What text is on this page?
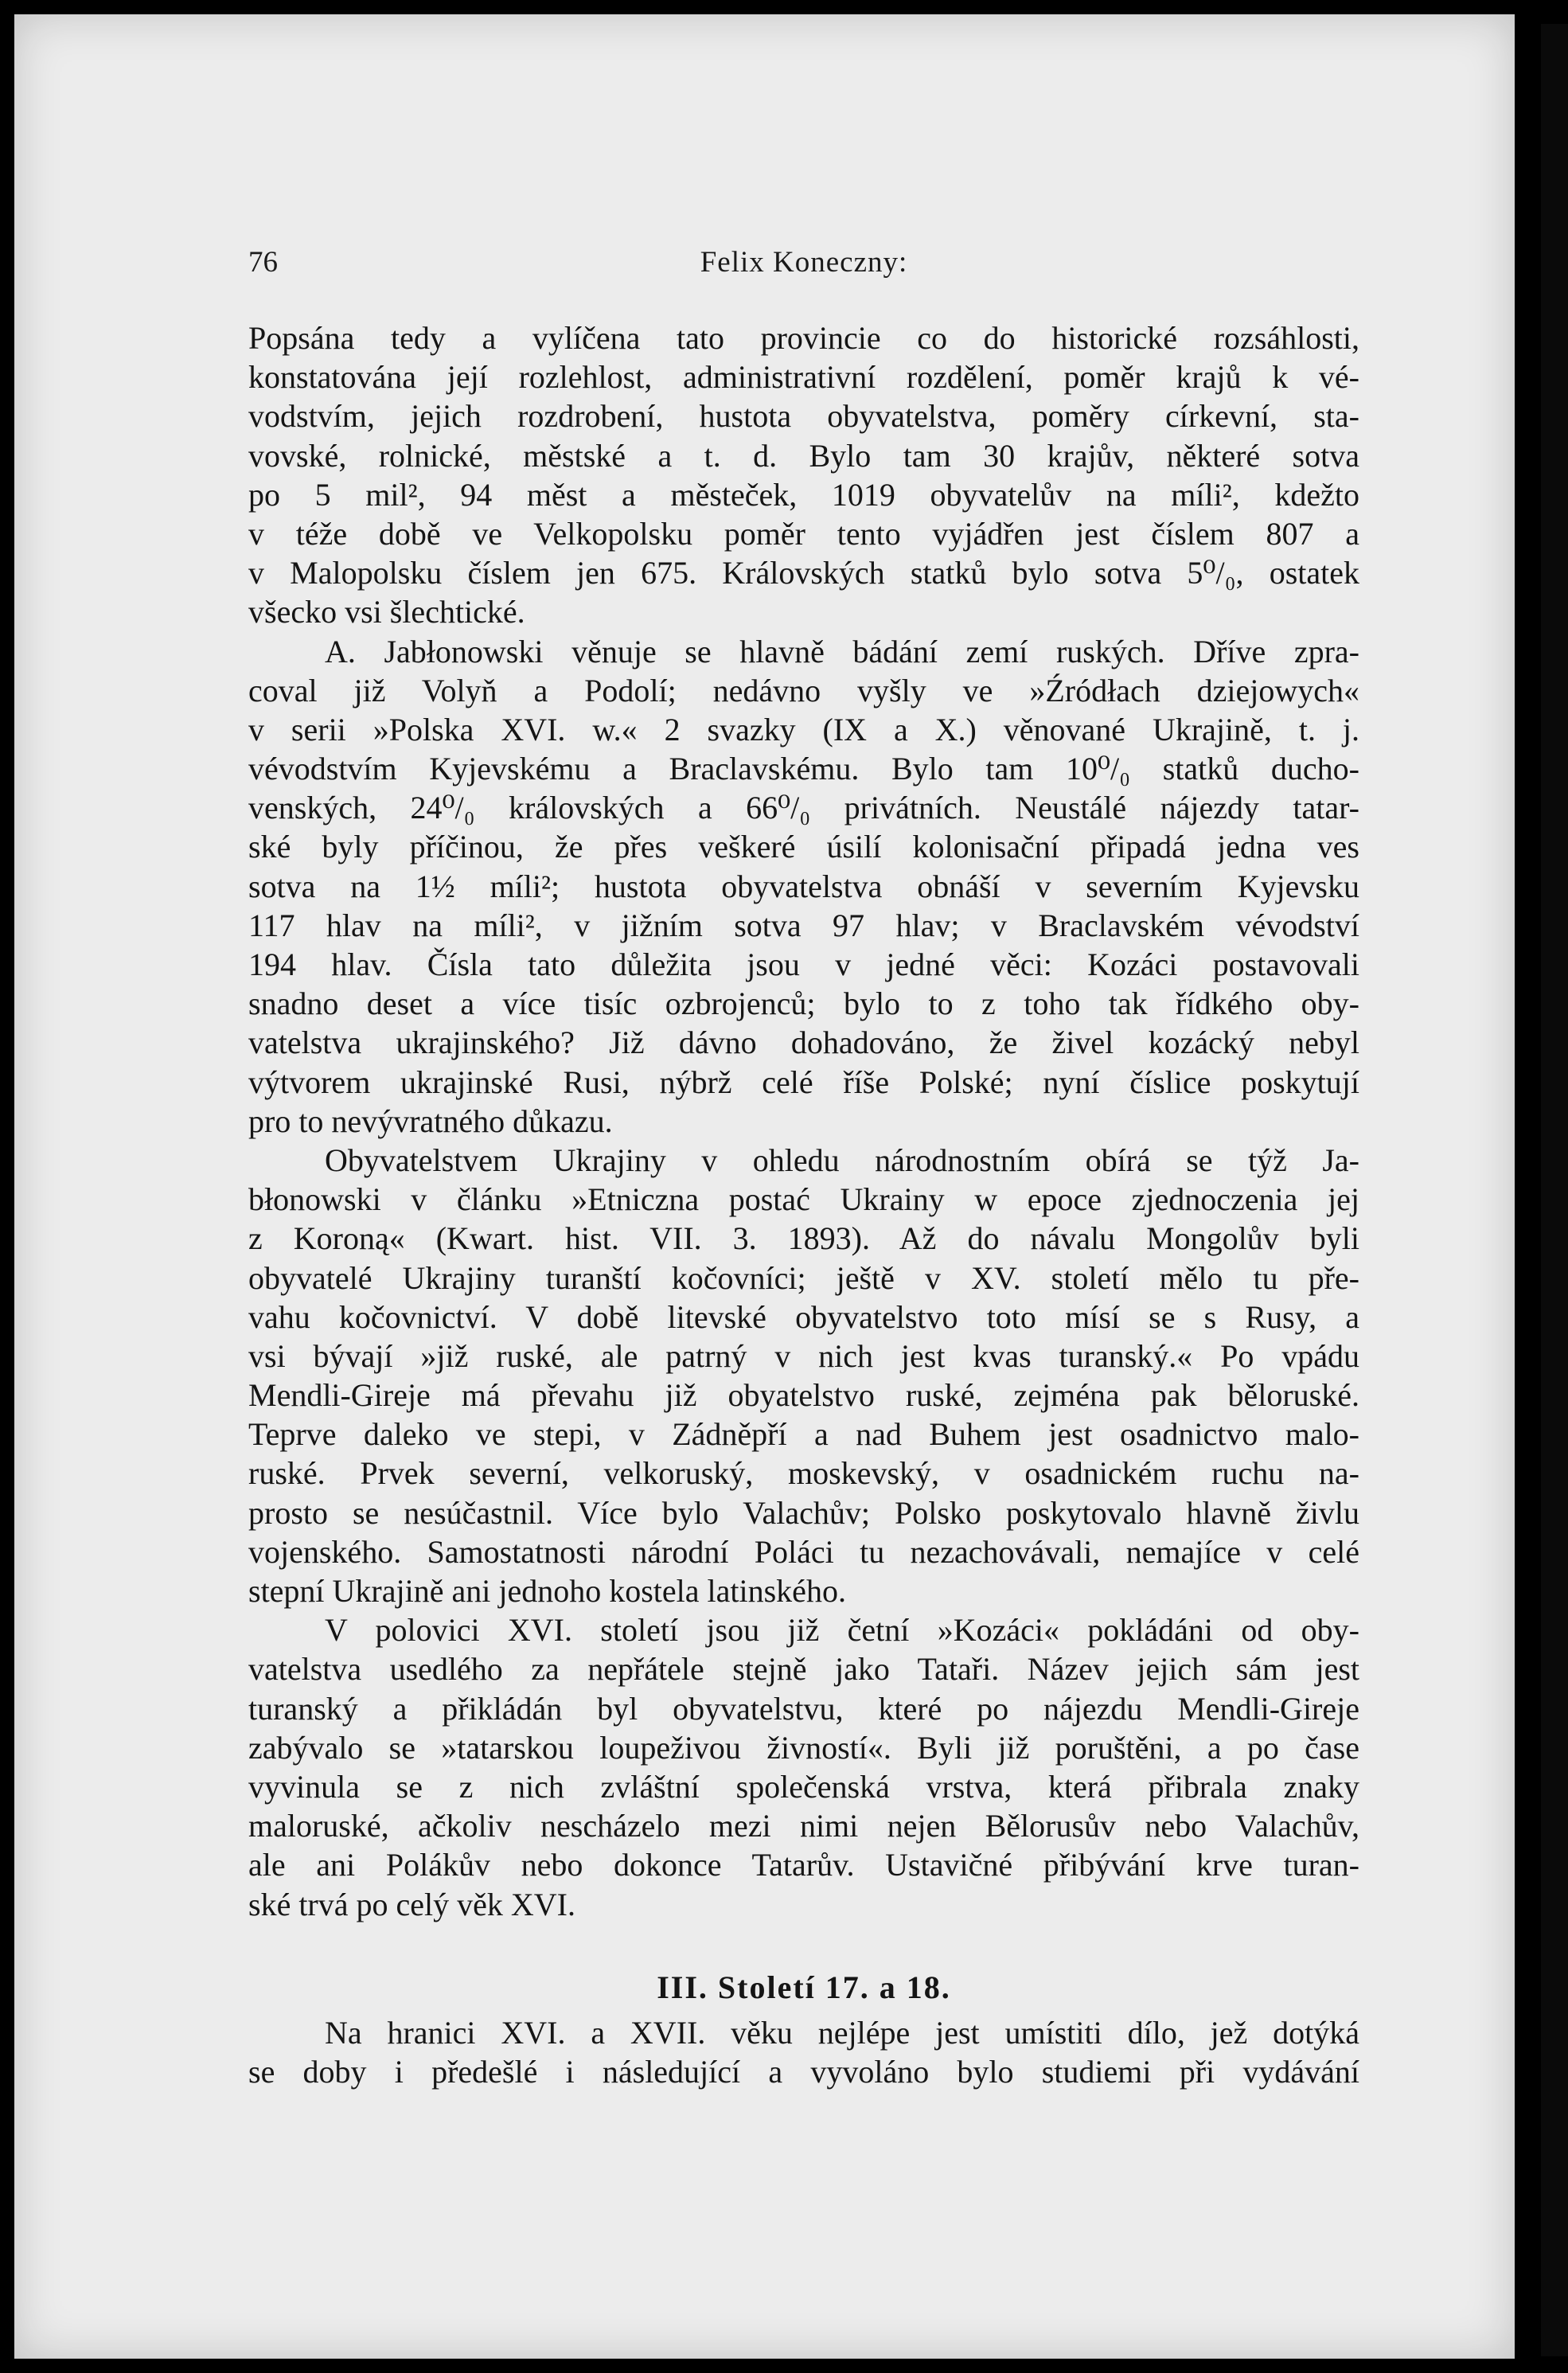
76	Felix Koneczny:
Popsána tedy a vylíčena tato provincie co do historické rozsáhlosti,
konstatována její rozlehlost, administrativní rozdělení, poměr krajů k vé-
vodstvím, jejich rozdrobení, hustota obyvatelstva, poměry církevní, sta-
vovské, rolnické, městské a t. d. Bylo tam 30 krajův, některé sotva
po 5 mil², 94 měst a městeček, 1019 obyvatelův na míli², kdežto
v téže době ve Velkopolsku poměr tento vyjádřen jest číslem 807 a
v Malopolsku číslem jen 675. Královských statků bylo sotva 5⁰/₀, ostatek
všecko vsi šlechtické.
A. Jabłonowski věnuje se hlavně bádání zemí ruských. Dříve zpra-
coval již Volyň a Podolí; nedávno vyšly ve »Źródłach dziejowych«
v serii »Polska XVI. w.« 2 svazky (IX a X.) věnované Ukrajině, t. j.
vévodstvím Kyjevskému a Braclavskému. Bylo tam 10⁰/₀ statků ducho-
venských, 24⁰/₀ královských a 66⁰/₀ privátních. Neustálé nájezdy tatar-
ské byly příčinou, že přes veškeré úsilí kolonisační připadá jedna ves
sotva na 1½ míli²; hustota obyvatelstva obnáší v severním Kyjevsku
117 hlav na míli², v jižním sotva 97 hlav; v Braclavském vévodství
194 hlav. Čísla tato důležita jsou v jedné věci: Kozáci postavovali
snadno deset a více tisíc ozbrojenců; bylo to z toho tak řídkého oby-
vatelstva ukrajinského? Již dávno dohadováno, že živel kozácký nebyl
výtvorem ukrajinské Rusi, nýbrž celé říše Polské; nyní číslice poskytují
pro to nevývratného důkazu.
Obyvatelstvem Ukrajiny v ohledu národnostním obírá se týž Ja-
błonowski v článku »Etniczna postać Ukrainy w epoce zjednoczenia jej
z Koroną« (Kwart. hist. VII. 3. 1893). Až do návalu Mongolův byli
obyvatelé Ukrajiny turanští kočovníci; ještě v XV. století mělo tu pře-
vahu kočovnictví. V době litevské obyvatelstvo toto mísí se s Rusy, a
vsi bývají »již ruské, ale patrný v nich jest kvas turanský.« Po vpádu
Mendli-Gireje má převahu již obyatelstvo ruské, zejména pak běloruské.
Teprve daleko ve stepi, v Zádněpří a nad Buhem jest osadnictvo malo-
ruské. Prvek severní, velkoruský, moskevský, v osadnickém ruchu na-
prosto se nesúčastnil. Více bylo Valachův; Polsko poskytovalo hlavně živlu
vojenského. Samostatnosti národní Poláci tu nezachovávali, nemajíce v celé
stepní Ukrajině ani jednoho kostela latinského.
V polovici XVI. století jsou již četní »Kozáci« pokládáni od oby-
vatelstva usedlého za nepřátele stejně jako Tataři. Název jejich sám jest
turanský a přikládán byl obyvatelstvu, které po nájezdu Mendli-Gireje
zabývalo se »tatarskou loupeživou živností«. Byli již poruštěni, a po čase
vyvinula se z nich zvláštní společenská vrstva, která přibrala znaky
maloruské, ačkoliv nescházelo mezi nimi nejen Bělorusův nebo Valachův,
ale ani Polákův nebo dokonce Tatarův. Ustavičné přibývání krve turan-
ské trvá po celý věk XVI.
III. Století 17. a 18.
Na hranici XVI. a XVII. věku nejlépe jest umístiti dílo, jež dotýká
se doby i předešlé i následující a vyvoláno bylo studiemi při vydávání
